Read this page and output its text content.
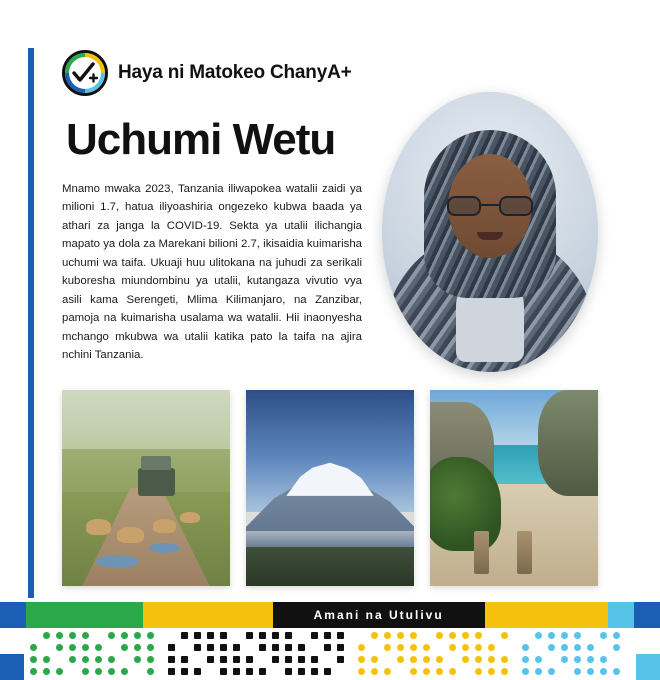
Haya ni Matokeo ChanyA+
Uchumi Wetu
Mnamo mwaka 2023, Tanzania iliwapokea watalii zaidi ya milioni 1.7, hatua iliyoashiria ongezeko kubwa baada ya athari za janga la COVID-19. Sekta ya utalii ilichangia mapato ya dola za Marekani bilioni 2.7, ikisaidia kuimarisha uchumi wa taifa. Ukuaji huu ulitokana na juhudi za serikali kuboresha miundombinu ya utalii, kutangaza vivutio vya asili kama Serengeti, Mlima Kilimanjaro, na Zanzibar, pamoja na kuimarisha usalama wa watalii. Hii inaonyesha mchango mkubwa wa utalii katika pato la taifa na ajira nchini Tanzania.
Amani na Utulivu
